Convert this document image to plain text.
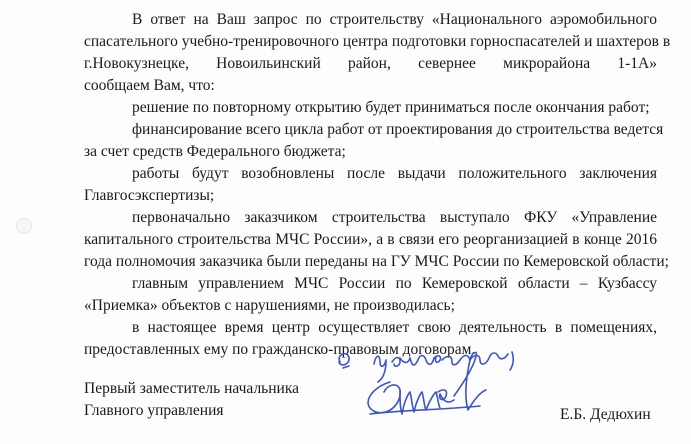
В ответ на Ваш запрос по строительству «Национального аэромобильного
спасательного учебно-тренировочного центра подготовки горноспасателей и шахтеров в
г.Новокузнецке, Новоильинский район, севернее микрорайона 1-1А»
сообщаем Вам, что:
решение по повторному открытию будет приниматься после окончания работ;
финансирование всего цикла работ от проектирования до строительства ведется
за счет средств Федерального бюджета;
работы будут возобновлены после выдачи положительного заключения
Главгосэкспертизы;
первоначально заказчиком строительства выступало ФКУ «Управление
капитального строительства МЧС России», а в связи его реорганизацией в конце 2016
года полномочия заказчика были переданы на ГУ МЧС России по Кемеровской области;
главным управлением МЧС России по Кемеровской области – Кузбассу
«Приемка» объектов с нарушениями, не производилась;
в настоящее время центр осуществляет свою деятельность в помещениях,
предоставленных ему по гражданско-правовым договорам.
Первый заместитель начальника
Главного управления	Е.Б. Дедюхин
